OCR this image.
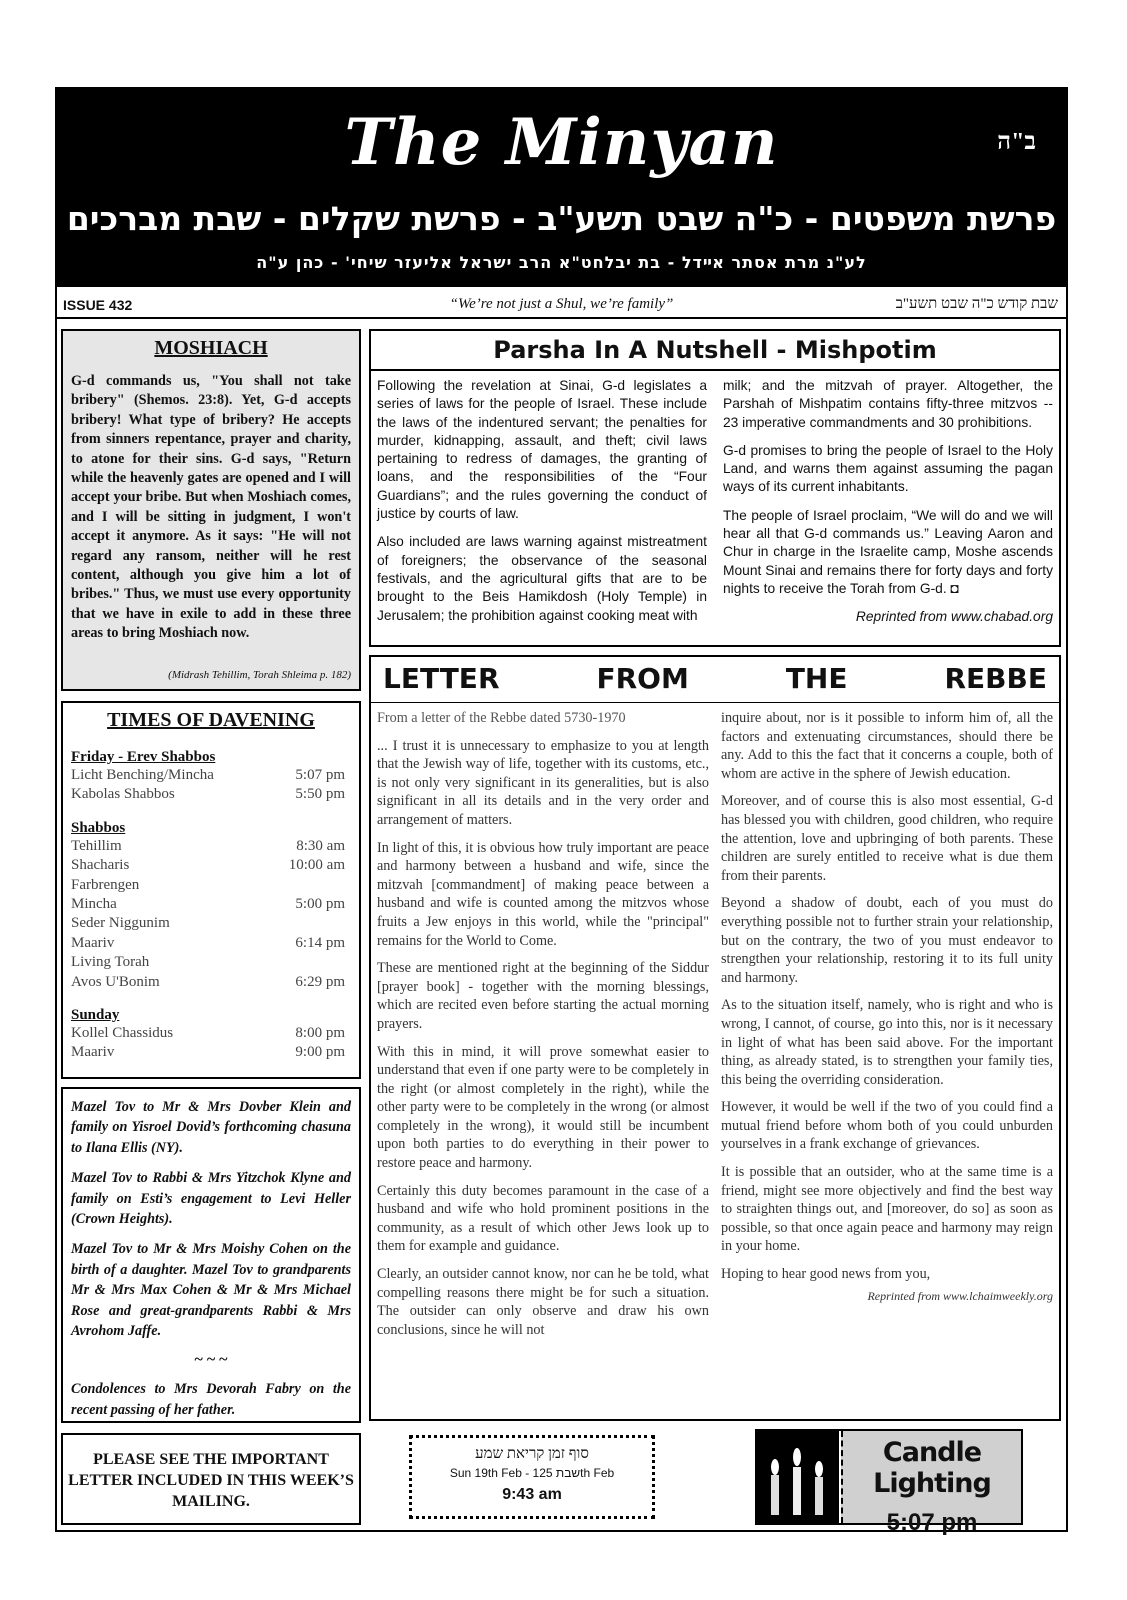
The Minyan	ב"ה
פרשת משפטים - כ"ה שבט תשע"ב - פרשת שקלים - שבת מברכים
לע"נ מרת אסתר אײדל - בת יבלחט"א הרב ישראל אליעזר שיחי' - כהן ע"ה
ISSUE 432	“We’re not just a Shul, we’re family”	שבת קודש כ"ה שבט תשע"ב
MOSHIACH
G-d commands us, "You shall not take bribery" (Shemos. 23:8). Yet, G-d accepts bribery! What type of bribery? He accepts from sinners repentance, prayer and charity, to atone for their sins. G-d says, "Return while the heavenly gates are opened and I will accept your bribe. But when Moshiach comes, and I will be sitting in judgment, I won't accept it anymore. As it says: "He will not regard any ransom, neither will he rest content, although you give him a lot of bribes." Thus, we must use every opportunity that we have in exile to add in these three areas to bring Moshiach now.
(Midrash Tehillim, Torah Shleima p. 182)
TIMES OF DAVENING
Friday - Erev Shabbos
Licht Benching/Mincha	5:07 pm
Kabolas Shabbos	5:50 pm
Shabbos
Tehillim	8:30 am
Shacharis	10:00 am
Farbrengen
Mincha	5:00 pm
Seder Niggunim
Maariv	6:14 pm
Living Torah
Avos U'Bonim	6:29 pm
Sunday
Kollel Chassidus	8:00 pm
Maariv	9:00 pm

Mazel Tov to Mr & Mrs Dovber Klein and family on Yisroel Dovid’s forthcoming chasuna to Ilana Ellis (NY).

Mazel Tov to Rabbi & Mrs Yitzchok Klyne and family on Esti’s engagement to Levi Heller (Crown Heights).

Mazel Tov to Mr & Mrs Moishy Cohen on the birth of a daughter. Mazel Tov to grandparents Mr & Mrs Max Cohen & Mr & Mrs Michael Rose and great-grandparents Rabbi & Mrs Avrohom Jaffe.

~ ~ ~

Condolences to Mrs Devorah Fabry on the recent passing of her father.

PLEASE SEE THE IMPORTANT LETTER INCLUDED IN THIS WEEK’S MAILING.
Parsha In A Nutshell - Mishpotim

Following the revelation at Sinai, G-d legislates a series of laws for the people of Israel. These include the laws of the indentured servant; the penalties for murder, kidnapping, assault, and theft; civil laws pertaining to redress of damages, the granting of loans, and the responsibilities of the “Four Guardians”; and the rules governing the conduct of justice by courts of law.

Also included are laws warning against mistreatment of foreigners; the observance of the seasonal festivals, and the agricultural gifts that are to be brought to the Beis Hamikdosh (Holy Temple) in Jerusalem; the prohibition against cooking meat with

milk; and the mitzvah of prayer. Altogether, the Parshah of Mishpatim contains fifty-three mitzvos -- 23 imperative commandments and 30 prohibitions.

G-d promises to bring the people of Israel to the Holy Land, and warns them against assuming the pagan ways of its current inhabitants.

The people of Israel proclaim, “We will do and we will hear all that G-d commands us.” Leaving Aaron and Chur in charge in the Israelite camp, Moshe ascends Mount Sinai and remains there for forty days and forty nights to receive the Torah from G-d. ◘

Reprinted from www.chabad.org

LETTER	FROM	THE	REBBE

From a letter of the Rebbe dated 5730-1970

... I trust it is unnecessary to emphasize to you at length that the Jewish way of life, together with its customs, etc., is not only very significant in its generalities, but is also significant in all its details and in the very order and arrangement of matters.

In light of this, it is obvious how truly important are peace and harmony between a husband and wife, since the mitzvah [commandment] of making peace between a husband and wife is counted among the mitzvos whose fruits a Jew enjoys in this world, while the "principal" remains for the World to Come.

These are mentioned right at the beginning of the Siddur [prayer book] - together with the morning blessings, which are recited even before starting the actual morning prayers.

With this in mind, it will prove somewhat easier to understand that even if one party were to be completely in the right (or almost completely in the right), while the other party were to be completely in the wrong (or almost completely in the wrong), it would still be incumbent upon both parties to do everything in their power to restore peace and harmony.

Certainly this duty becomes paramount in the case of a husband and wife who hold prominent positions in the community, as a result of which other Jews look up to them for example and guidance.

Clearly, an outsider cannot know, nor can he be told, what compelling reasons there might be for such a situation. The outsider can only observe and draw his own conclusions, since he will not

inquire about, nor is it possible to inform him of, all the factors and extenuating circumstances, should there be any. Add to this the fact that it concerns a couple, both of whom are active in the sphere of Jewish education.

Moreover, and of course this is also most essential, G-d has blessed you with children, good children, who require the attention, love and upbringing of both parents. These children are surely entitled to receive what is due them from their parents.

Beyond a shadow of doubt, each of you must do everything possible not to further strain your relationship, but on the contrary, the two of you must endeavor to strengthen your relationship, restoring it to its full unity and harmony.

As to the situation itself, namely, who is right and who is wrong, I cannot, of course, go into this, nor is it necessary in light of what has been said above. For the important thing, as already stated, is to strengthen your family ties, this being the overriding consideration.

However, it would be well if the two of you could find a mutual friend before whom both of you could unburden yourselves in a frank exchange of grievances.

It is possible that an outsider, who at the same time is a friend, might see more objectively and find the best way to straighten things out, and [moreover, do so] as soon as possible, so that once again peace and harmony may reign in your home.

Hoping to hear good news from you,

Reprinted from www.lchaimweekly.org

סוף זמן קריאת שמע
Sun 19th Feb - שבת 125th Feb
9:43 am
Candle Lighting
5:07 pm
